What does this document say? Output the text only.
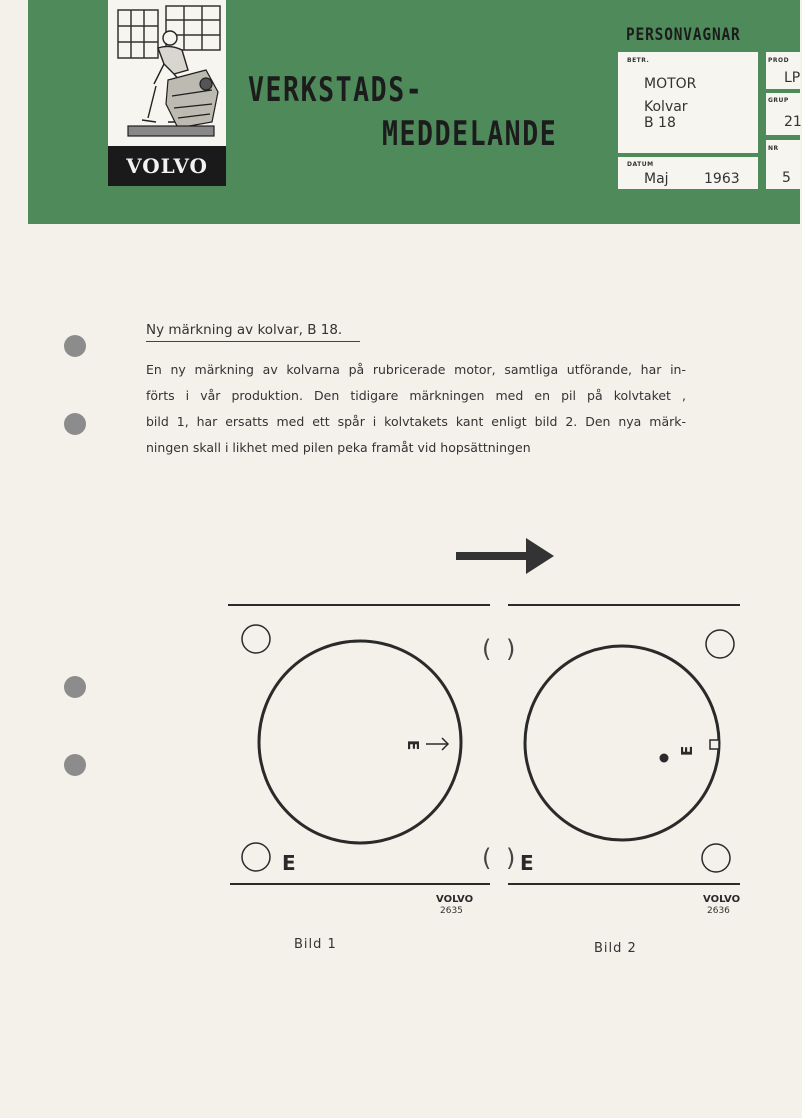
VOLVO
VERKSTADS-
MEDDELANDE
PERSONVAGNAR
BETR.
MOTOR
Kolvar
B 18
DATUM
Maj	1963
PROD
LP
GRUP
21
NR
5
Ny märkning av kolvar, B 18.
En ny märkning av kolvarna på rubricerade motor, samtliga utförande, har in-
förts i vår produktion. Den tidigare märkningen med en pil på kolvtaket ,
bild 1, har ersatts med ett spår i kolvtakets kant enligt bild 2. Den nya märk-
ningen skall i likhet med pilen peka framåt vid hopsättningen
E
E
VOLVO
2635
( )
( )
E
E
VOLVO
2636
Bild 1	Bild 2
